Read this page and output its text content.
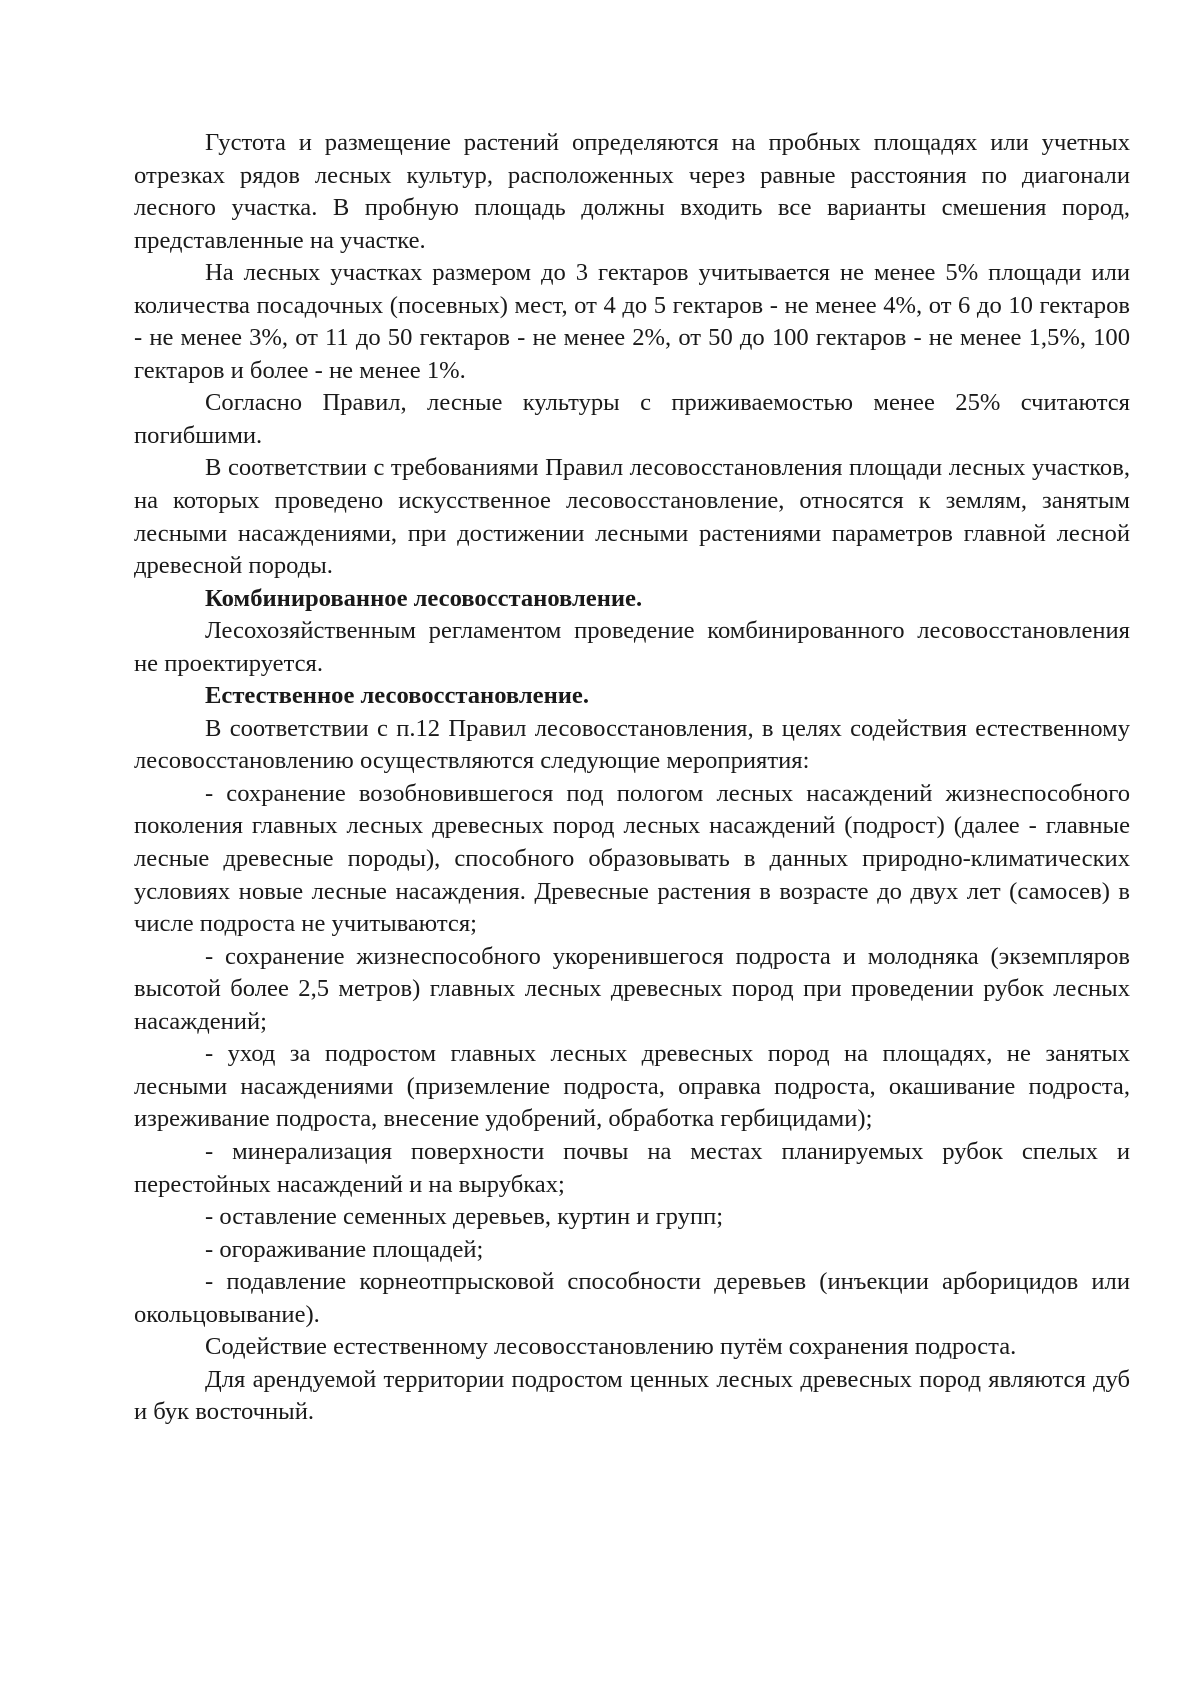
Густота и размещение растений определяются на пробных площадях или учетных отрезках рядов лесных культур, расположенных через равные расстояния по диагонали лесного участка. В пробную площадь должны входить все варианты смешения пород, представленные на участке.

На лесных участках размером до 3 гектаров учитывается не менее 5% площади или количества посадочных (посевных) мест, от 4 до 5 гектаров - не менее 4%, от 6 до 10 гектаров - не менее 3%, от 11 до 50 гектаров - не менее 2%, от 50 до 100 гектаров - не менее 1,5%, 100 гектаров и более - не менее 1%.

Согласно Правил, лесные культуры с приживаемостью менее 25% считаются погибшими.

В соответствии с требованиями Правил лесовосстановления площади лесных участков, на которых проведено искусственное лесовосстановление, относятся к землям, занятым лесными насаждениями, при достижении лесными растениями параметров главной лесной древесной породы.

Комбинированное лесовосстановление.

Лесохозяйственным регламентом проведение комбинированного лесовосстановления не проектируется.

Естественное лесовосстановление.

В соответствии с п.12 Правил лесовосстановления, в целях содействия естественному лесовосстановлению осуществляются следующие мероприятия:

- сохранение возобновившегося под пологом лесных насаждений жизнеспособного поколения главных лесных древесных пород лесных насаждений (подрост) (далее - главные лесные древесные породы), способного образовывать в данных природно-климатических условиях новые лесные насаждения. Древесные растения в возрасте до двух лет (самосев) в числе подроста не учитываются;

- сохранение жизнеспособного укоренившегося подроста и молодняка (экземпляров высотой более 2,5 метров) главных лесных древесных пород при проведении рубок лесных насаждений;

- уход за подростом главных лесных древесных пород на площадях, не занятых лесными насаждениями (приземление подроста, оправка подроста, окашивание подроста, изреживание подроста, внесение удобрений, обработка гербицидами);

- минерализация поверхности почвы на местах планируемых рубок спелых и перестойных насаждений и на вырубках;

- оставление семенных деревьев, куртин и групп;

- огораживание площадей;

- подавление корнеотпрысковой способности деревьев (инъекции арборицидов или окольцовывание).

Содействие естественному лесовосстановлению путём сохранения подроста.

Для арендуемой территории подростом ценных лесных древесных пород являются дуб и бук восточный.
